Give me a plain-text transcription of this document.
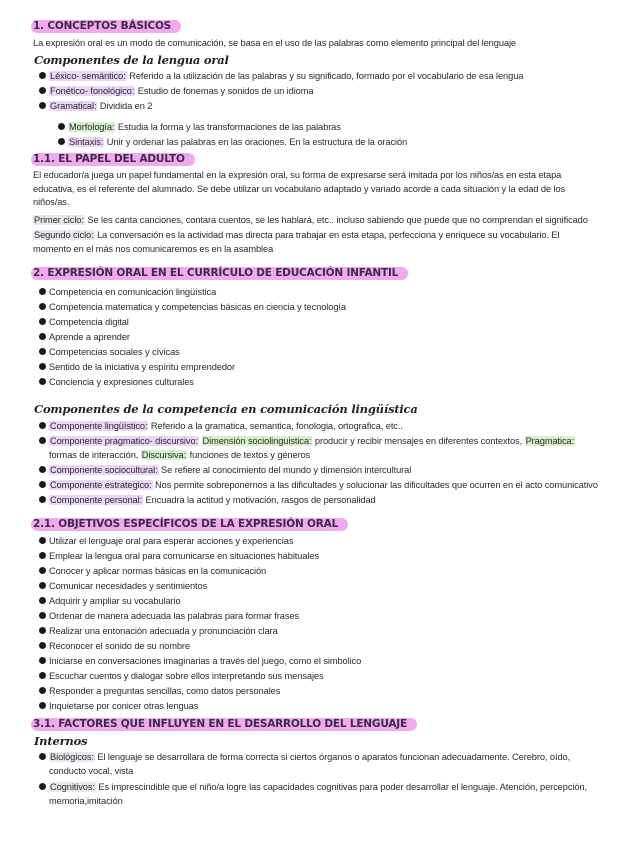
1. CONCEPTOS BÁSICOS
La expresión oral es un modo de comunicación, se basa en el uso de las palabras como elemento principal del lenguaje
Componentes de la lengua oral
Léxico- semántico: Referido a la utilización de las palabras y su significado, formado por el vocabulario de esa lengua
Fonético- fonológico: Estudio de fonemas y sonidos de un idioma
Gramatical: Dividida en 2
Morfología: Estudia la forma y las transformaciones de las palabras
Sintaxis: Unir y ordenar las palabras en las oraciones. En la estructura de la oración
1.1. EL PAPEL DEL ADULTO
El educador/a juega un papel fundamental en la expresión oral, su forma de expresarse será imitada por los niños/as en esta etapa educativa, es el referente del alumnado. Se debe utilizar un vocabulario adaptado y variado acorde a cada situación y la edad de los niños/as.
Primer ciclo: Se les canta canciones, contara cuentos, se les hablará, etc.. incluso sabiendo que puede que no comprendan el significado
Segundo ciclo: La conversación es la actividad mas directa para trabajar en esta etapa, perfecciona y enriquece su vocabulario. El momento en el más nos comunicaremos es en la asamblea
2. EXPRESIÓN ORAL EN EL CURRÍCULO DE EDUCACIÓN INFANTIL
Competencia en comunicación lingüística
Competencia matematica y competencias básicas en ciencia y tecnología
Competencia digital
Aprende a aprender
Competencias sociales y cívicas
Sentido de la iniciativa y espíritu emprendedor
Conciencia y expresiones culturales
Componentes de la competencia en comunicación lingüística
Componente lingüístico: Referido a la gramatica, semantica, fonologia, ortografica, etc..
Componente pragmatico- discursivo: Dimensión sociolinguistica: producir y recibir mensajes en diferentes contextos, Pragmatica: formas de interacción, Discursiva: funciones de textos y géneros
Componente sociocultural: Se refiere al conocimiento del mundo y dimensión intercultural
Componente estrategico: Nos permite sobreponernos a las dificultades y solucionar las dificultades que ocurren en el acto comunicativo
Componente personal: Encuadra la actitud y motivación, rasgos de personalidad
2.1. OBJETIVOS ESPECÍFICOS DE LA EXPRESIÓN ORAL
Utilizar el lenguaje oral para esperar acciones y experiencias
Emplear la lengua oral para comunicarse en situaciones habituales
Conocer y aplicar normas básicas en la comunicación
Comunicar necesidades y sentimientos
Adquirir y ampliar su vocabulario
Ordenar de manera adecuada las palabras para formar frases
Realizar una entonación adecuada y pronunciación clara
Reconocer el sonido de su nombre
Iniciarse en conversaciones imaginarias a través del juego, como el simbolico
Escuchar cuentos y dialogar sobre ellos interpretando sus mensajes
Responder a preguntas sencillas, como datos personales
Inquietarse por conicer otras lenguas
3.1. FACTORES QUE INFLUYEN EN EL DESARROLLO DEL LENGUAJE
Internos
Biológicos: El lenguaje se desarrollara de forma correcta si ciertos órganos o aparatos funcionan adecuadamente. Cerebro, oído, conducto vocal, vista
Cognitivos: Es imprescindible que el niño/a logre las capacidades cognitivas para poder desarrollar el lenguaje. Atención, percepción, memoria,imitación
